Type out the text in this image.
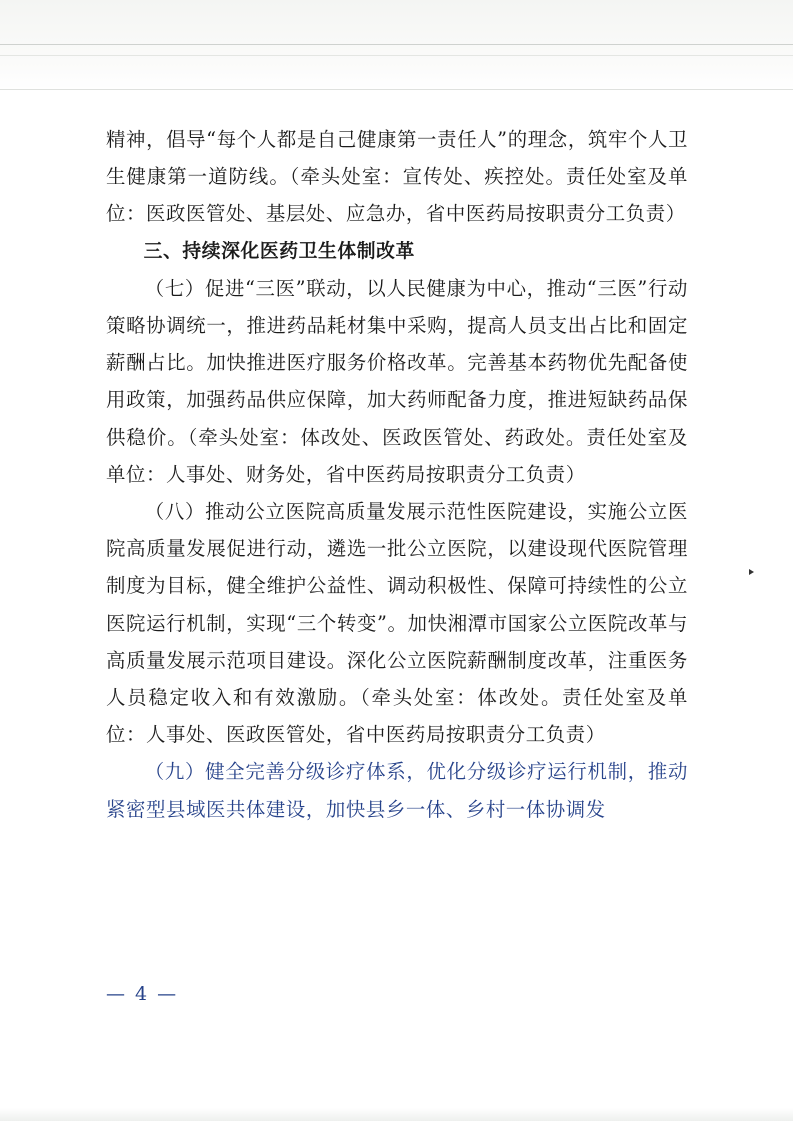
精神，倡导“每个人都是自己健康第一责任人”的理念，筑牢个人卫生健康第一道防线。（牵头处室：宣传处、疾控处。责任处室及单位：医政医管处、基层处、应急办，省中医药局按职责分工负责）

三、持续深化医药卫生体制改革

（七）促进“三医”联动，以人民健康为中心，推动“三医”行动策略协调统一，推进药品耗材集中采购，提高人员支出占比和固定薪酬占比。加快推进医疗服务价格改革。完善基本药物优先配备使用政策，加强药品供应保障，加大药师配备力度，推进短缺药品保供稳价。（牵头处室：体改处、医政医管处、药政处。责任处室及单位：人事处、财务处，省中医药局按职责分工负责）

（八）推动公立医院高质量发展示范性医院建设，实施公立医院高质量发展促进行动，遴选一批公立医院，以建设现代医院管理制度为目标，健全维护公益性、调动积极性、保障可持续性的公立医院运行机制，实现“三个转变”。加快湘潭市国家公立医院改革与高质量发展示范项目建设。深化公立医院薪酬制度改革，注重医务人员稳定收入和有效激励。（牵头处室：体改处。责任处室及单位：人事处、医政医管处，省中医药局按职责分工负责）

（九）健全完善分级诊疗体系，优化分级诊疗运行机制，推动紧密型县域医共体建设，加快县乡一体、乡村一体协调发

— 4 —
